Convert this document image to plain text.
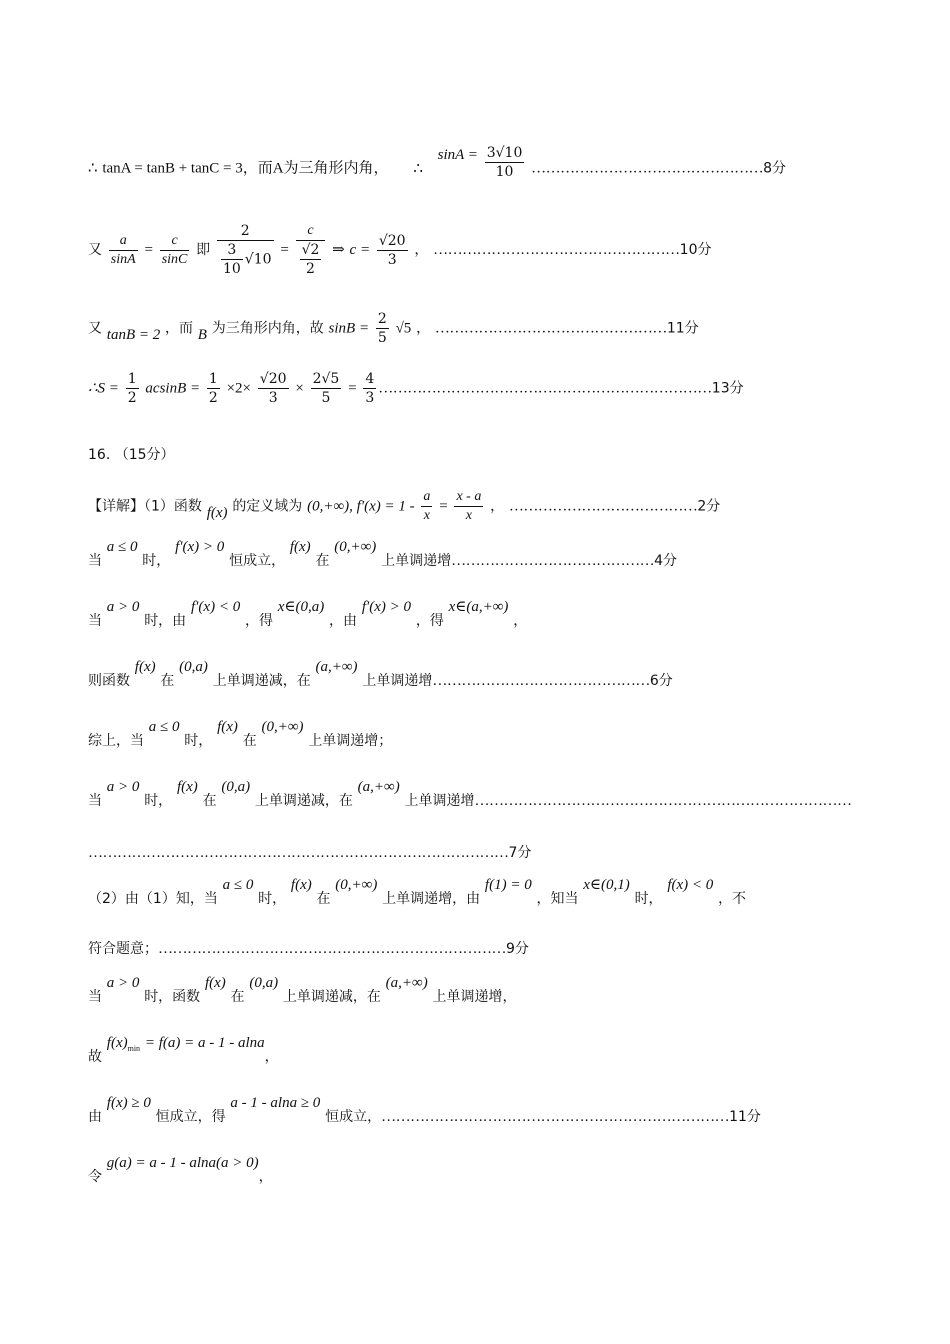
∴ tanA = tanB + tanC = 3，而A为三角形内角， ∴ $\sin A = \frac{3√10}{10}$ …………………………………………8分
又 $\frac{a}{\sin A} = \frac{c}{\sin C}$ 即 $\frac{2}{\frac{3}{10} √10} = \frac{c}{\frac{√2}{2}}$ ⇒ $c = \frac{√20}{3}$ ， ……………………………………………10分
又 tanB = 2 ，而 B 为三角形内角，故 $\sin B = \frac{2}{5} √5$ ， …………………………………………11分
∴S = $\frac{1}{2}$ $acsinB = \frac{1}{2} \times 2\times \frac{√20}{3} \times \frac{2√5}{5} = \frac{4}{3}$ ……………………………………………………………13分
16. （15分）
【详解】（1）函数 f(x) 的定义域为 (0,+∞), $f'(x) = 1 - \frac{a}{x} = \frac{x - a}{x}$ ， …………………………………2分
当 a ≤ 0 时， f′(x) > 0 恒成立， f(x) 在 (0,+∞) 上单调递增……………………………………4分
当 a > 0 时，由 f′(x) < 0 ，得 x∈(0,a) ，由 f′(x) > 0 ，得 x∈(a,+∞) ，
则函数 f(x) 在 (0,a) 上单调递减，在 (a,+∞) 上单调递增………………………………………6分
综上，当 a ≤ 0 时， f(x) 在 (0,+∞) 上单调递增；
当 a > 0 时， f(x) 在 (0,a) 上单调递减，在 (a,+∞) 上单调递增……………………………………………………………………
……………………………………………………………………………7分
（2）由（1）知，当 a ≤ 0 时， f(x) 在 (0,+∞) 上单调递增，由 f(1) = 0 ，知当 x∈(0,1) 时， f(x) < 0 ，不
符合题意；………………………………………………………………9分
当 a > 0 时，函数 f(x) 在 (0,a) 上单调递减，在 (a,+∞) 上单调递增，
故 $f(x)_{min} = f(a) = a - 1 - alna$，
由 f(x) ≥ 0 恒成立，得 a - 1 - alna ≥ 0 恒成立，………………………………………………………………11分
令 g(a) = a - 1 - alna(a > 0)，
